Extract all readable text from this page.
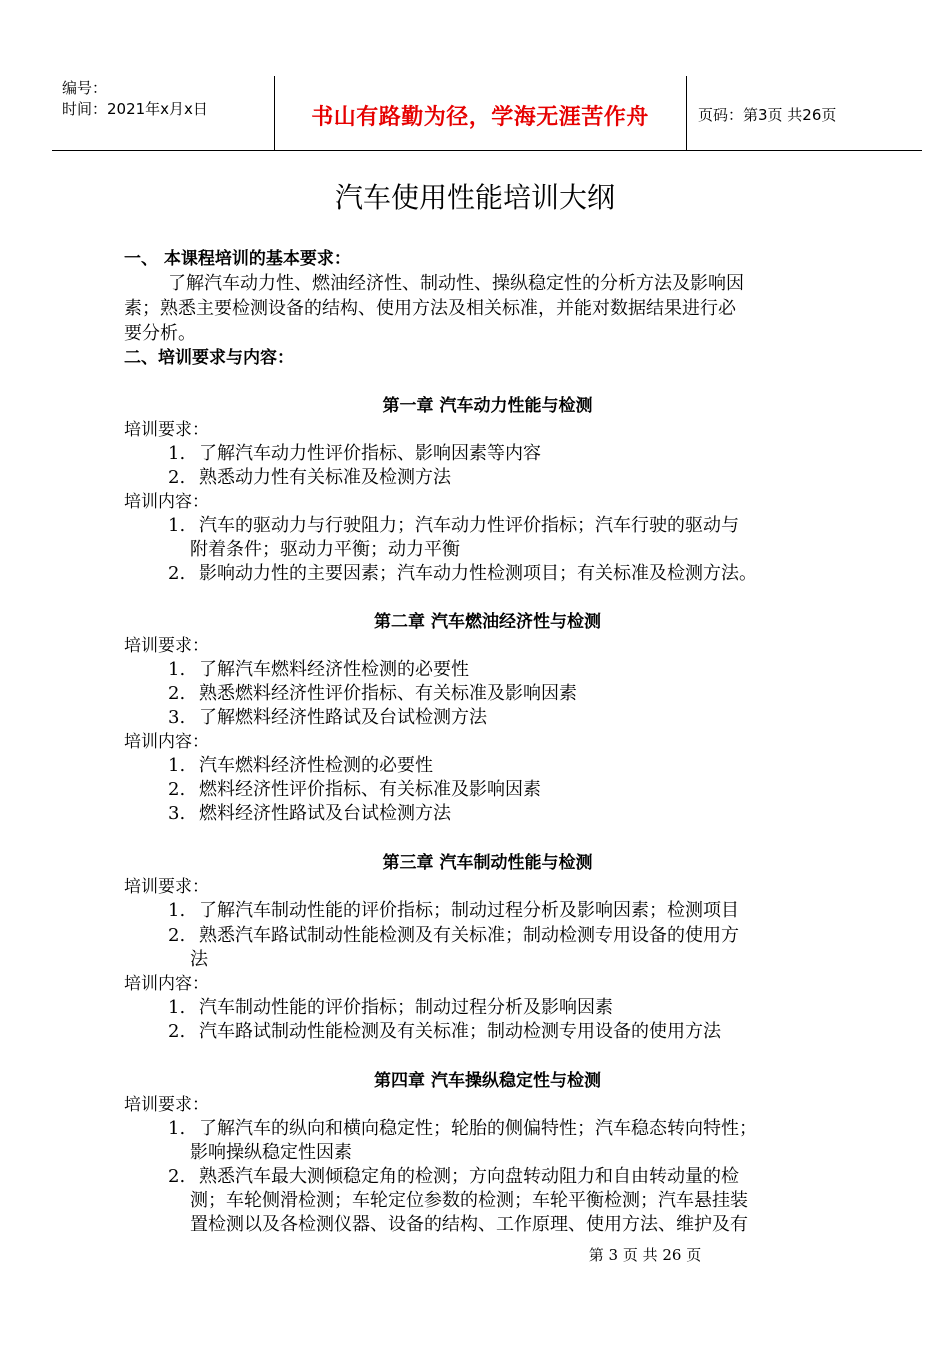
编号：
时间：2021年x月x日	书山有路勤为径，学海无涯苦作舟	页码：第3页 共26页
汽车使用性能培训大纲
一、 本课程培训的基本要求：
了解汽车动力性、燃油经济性、制动性、操纵稳定性的分析方法及影响因
素；熟悉主要检测设备的结构、使用方法及相关标准，并能对数据结果进行必
要分析。
二、培训要求与内容：
第一章 汽车动力性能与检测
培训要求：
1. 了解汽车动力性评价指标、影响因素等内容
2. 熟悉动力性有关标准及检测方法
培训内容：
1. 汽车的驱动力与行驶阻力；汽车动力性评价指标；汽车行驶的驱动与
附着条件；驱动力平衡；动力平衡
2. 影响动力性的主要因素；汽车动力性检测项目；有关标准及检测方法。
第二章 汽车燃油经济性与检测
培训要求：
1. 了解汽车燃料经济性检测的必要性
2. 熟悉燃料经济性评价指标、有关标准及影响因素
3. 了解燃料经济性路试及台试检测方法
培训内容：
1. 汽车燃料经济性检测的必要性
2. 燃料经济性评价指标、有关标准及影响因素
3. 燃料经济性路试及台试检测方法
第三章 汽车制动性能与检测
培训要求：
1. 了解汽车制动性能的评价指标；制动过程分析及影响因素；检测项目
2. 熟悉汽车路试制动性能检测及有关标准；制动检测专用设备的使用方
法
培训内容：
1. 汽车制动性能的评价指标；制动过程分析及影响因素
2. 汽车路试制动性能检测及有关标准；制动检测专用设备的使用方法
第四章 汽车操纵稳定性与检测
培训要求：
1. 了解汽车的纵向和横向稳定性；轮胎的侧偏特性；汽车稳态转向特性；
影响操纵稳定性因素
2. 熟悉汽车最大测倾稳定角的检测；方向盘转动阻力和自由转动量的检
测；车轮侧滑检测；车轮定位参数的检测；车轮平衡检测；汽车悬挂装
置检测以及各检测仪器、设备的结构、工作原理、使用方法、维护及有
第 3 页 共 26 页
